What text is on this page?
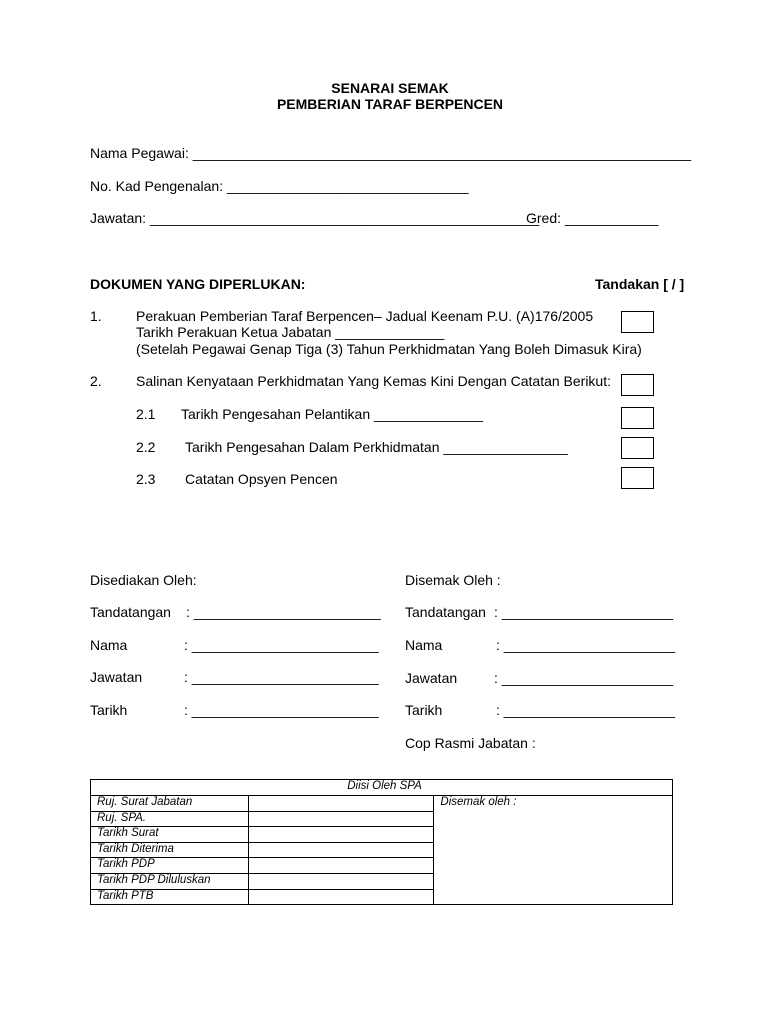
SENARAI SEMAK
PEMBERIAN TARAF BERPENCEN
Nama Pegawai: ________________________________________________________________
No. Kad Pengenalan: _______________________________
Jawatan: __________________________________________________
Gred: ____________
DOKUMEN YANG DIPERLUKAN:	Tandakan [ / ]
1. Perakuan Pemberian Taraf Berpencen– Jadual Keenam P.U. (A)176/2005
Tarikh Perakuan Ketua Jabatan ______________
(Setelah Pegawai Genap Tiga (3) Tahun Perkhidmatan Yang Boleh Dimasuk Kira)
2. Salinan Kenyataan Perkhidmatan Yang Kemas Kini Dengan Catatan Berikut:
2.1 Tarikh Pengesahan Pelantikan ______________
2.2 Tarikh Pengesahan Dalam Perkhidmatan ________________
2.3 Catatan Opsyen Pencen
Disediakan Oleh:
Tandatangan : ________________________
Nama	: ________________________
Jawatan	: ________________________
Tarikh	: ________________________
Disemak Oleh :
Tandatangan : ______________________
Nama	: ______________________
Jawatan	: ______________________
Tarikh	: ______________________
Cop Rasmi Jabatan :
Diisi Oleh SPA		
Ruj. Surat Jabatan		Disemak oleh :
Ruj. SPA.		
Tarikh Surat		
Tarikh Diterima		
Tarikh PDP		
Tarikh PDP Diluluskan		
Tarikh PTB		
